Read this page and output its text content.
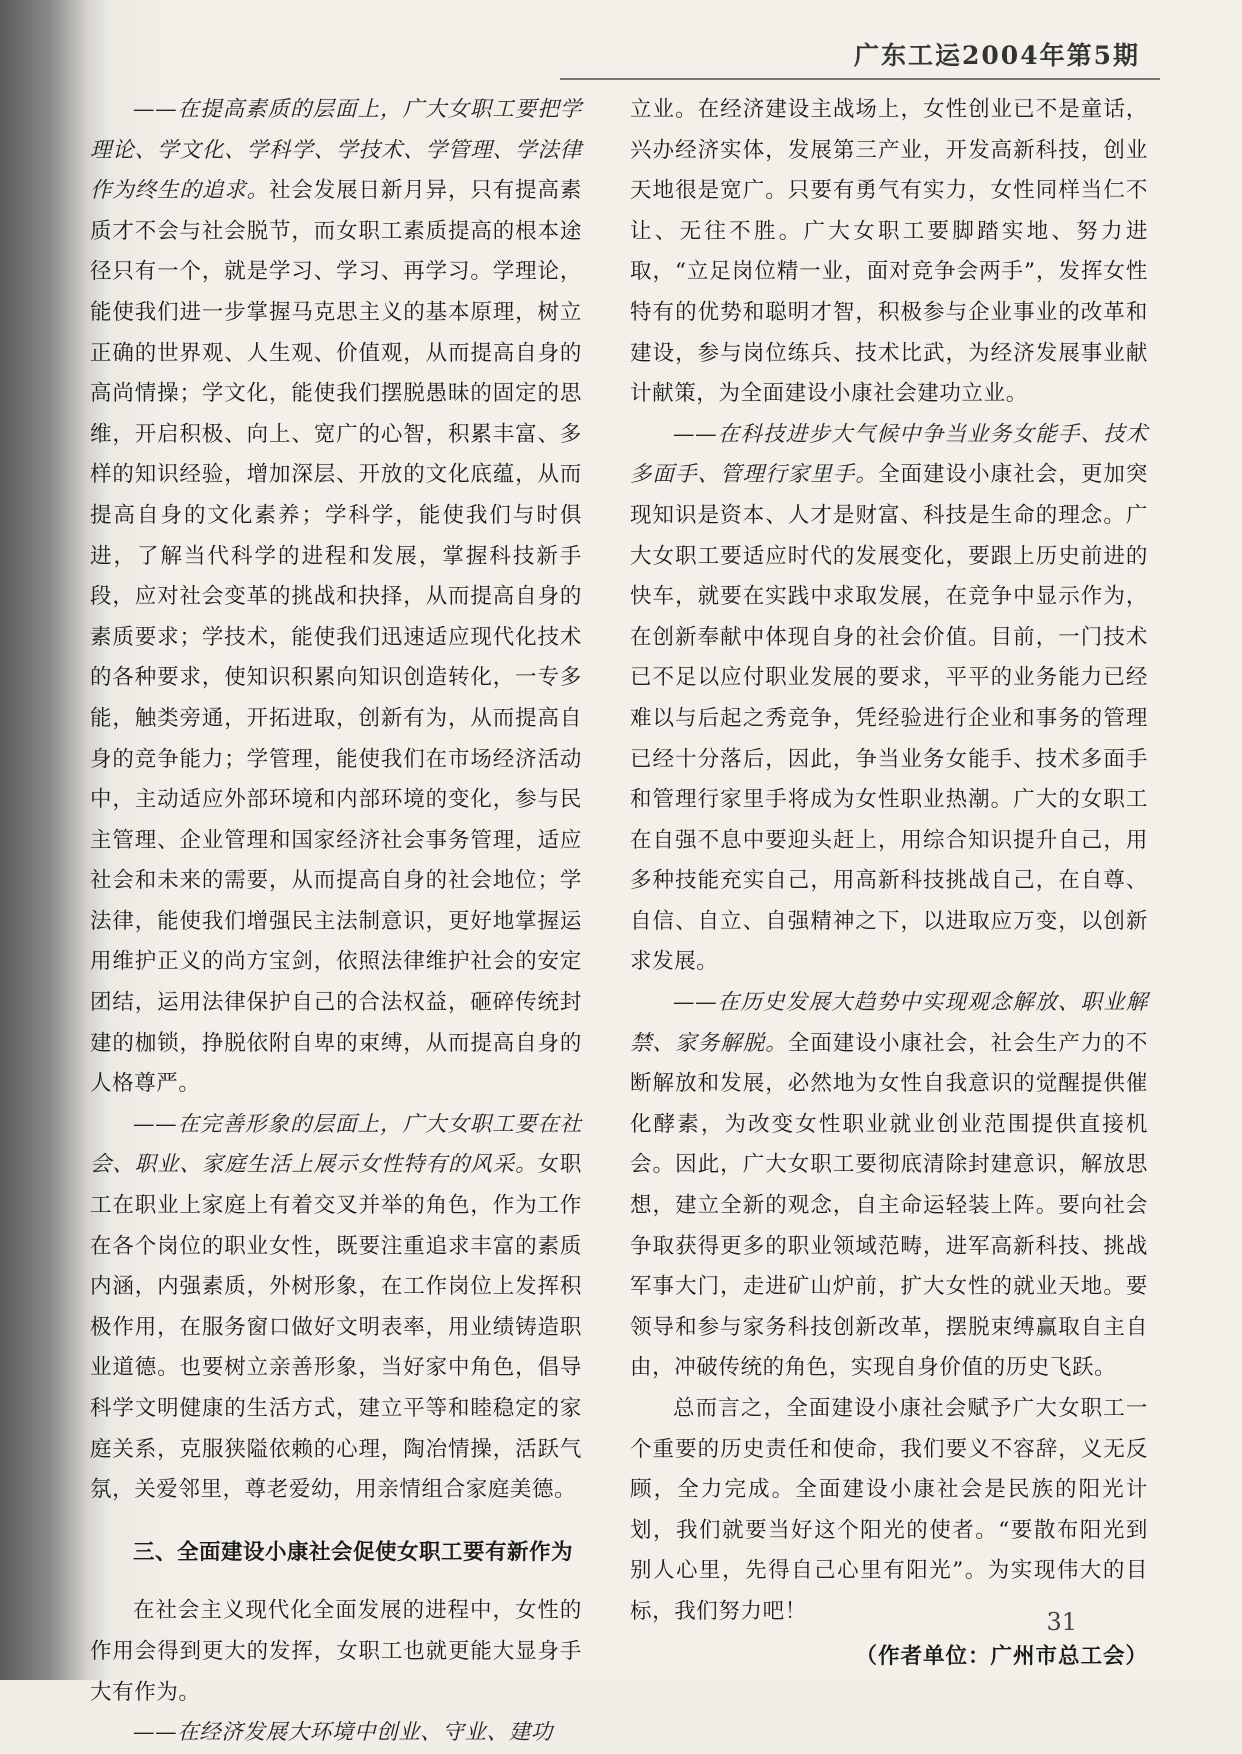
广东工运2004年第5期

——在提高素质的层面上，广大女职工要把学理论、学文化、学科学、学技术、学管理、学法律作为终生的追求。社会发展日新月异，只有提高素质才不会与社会脱节，而女职工素质提高的根本途径只有一个，就是学习、学习、再学习。学理论，能使我们进一步掌握马克思主义的基本原理，树立正确的世界观、人生观、价值观，从而提高自身的高尚情操；学文化，能使我们摆脱愚昧的固定的思维，开启积极、向上、宽广的心智，积累丰富、多样的知识经验，增加深层、开放的文化底蕴，从而提高自身的文化素养；学科学，能使我们与时俱进，了解当代科学的进程和发展，掌握科技新手段，应对社会变革的挑战和抉择，从而提高自身的素质要求；学技术，能使我们迅速适应现代化技术的各种要求，使知识积累向知识创造转化，一专多能，触类旁通，开拓进取，创新有为，从而提高自身的竞争能力；学管理，能使我们在市场经济活动中，主动适应外部环境和内部环境的变化，参与民主管理、企业管理和国家经济社会事务管理，适应社会和未来的需要，从而提高自身的社会地位；学法律，能使我们增强民主法制意识，更好地掌握运用维护正义的尚方宝剑，依照法律维护社会的安定团结，运用法律保护自己的合法权益，砸碎传统封建的枷锁，挣脱依附自卑的束缚，从而提高自身的人格尊严。

——在完善形象的层面上，广大女职工要在社会、职业、家庭生活上展示女性特有的风采。女职工在职业上家庭上有着交叉并举的角色，作为工作在各个岗位的职业女性，既要注重追求丰富的素质内涵，内强素质，外树形象，在工作岗位上发挥积极作用，在服务窗口做好文明表率，用业绩铸造职业道德。也要树立亲善形象，当好家中角色，倡导科学文明健康的生活方式，建立平等和睦稳定的家庭关系，克服狭隘依赖的心理，陶冶情操，活跃气氛，关爱邻里，尊老爱幼，用亲情组合家庭美德。

三、全面建设小康社会促使女职工要有新作为

在社会主义现代化全面发展的进程中，女性的作用会得到更大的发挥，女职工也就更能大显身手大有作为。

——在经济发展大环境中创业、守业、建功

立业。在经济建设主战场上，女性创业已不是童话，兴办经济实体，发展第三产业，开发高新科技，创业天地很是宽广。只要有勇气有实力，女性同样当仁不让、无往不胜。广大女职工要脚踏实地、努力进取，“立足岗位精一业，面对竞争会两手”，发挥女性特有的优势和聪明才智，积极参与企业事业的改革和建设，参与岗位练兵、技术比武，为经济发展事业献计献策，为全面建设小康社会建功立业。

——在科技进步大气候中争当业务女能手、技术多面手、管理行家里手。全面建设小康社会，更加突现知识是资本、人才是财富、科技是生命的理念。广大女职工要适应时代的发展变化，要跟上历史前进的快车，就要在实践中求取发展，在竞争中显示作为，在创新奉献中体现自身的社会价值。目前，一门技术已不足以应付职业发展的要求，平平的业务能力已经难以与后起之秀竞争，凭经验进行企业和事务的管理已经十分落后，因此，争当业务女能手、技术多面手和管理行家里手将成为女性职业热潮。广大的女职工在自强不息中要迎头赶上，用综合知识提升自己，用多种技能充实自己，用高新科技挑战自己，在自尊、自信、自立、自强精神之下，以进取应万变，以创新求发展。

——在历史发展大趋势中实现观念解放、职业解禁、家务解脱。全面建设小康社会，社会生产力的不断解放和发展，必然地为女性自我意识的觉醒提供催化酵素，为改变女性职业就业创业范围提供直接机会。因此，广大女职工要彻底清除封建意识，解放思想，建立全新的观念，自主命运轻装上阵。要向社会争取获得更多的职业领域范畴，进军高新科技、挑战军事大门，走进矿山炉前，扩大女性的就业天地。要领导和参与家务科技创新改革，摆脱束缚赢取自主自由，冲破传统的角色，实现自身价值的历史飞跃。

总而言之，全面建设小康社会赋予广大女职工一个重要的历史责任和使命，我们要义不容辞，义无反顾，全力完成。全面建设小康社会是民族的阳光计划，我们就要当好这个阳光的使者。“要散布阳光到别人心里，先得自己心里有阳光”。为实现伟大的目标，我们努力吧！

（作者单位：广州市总工会）
31
